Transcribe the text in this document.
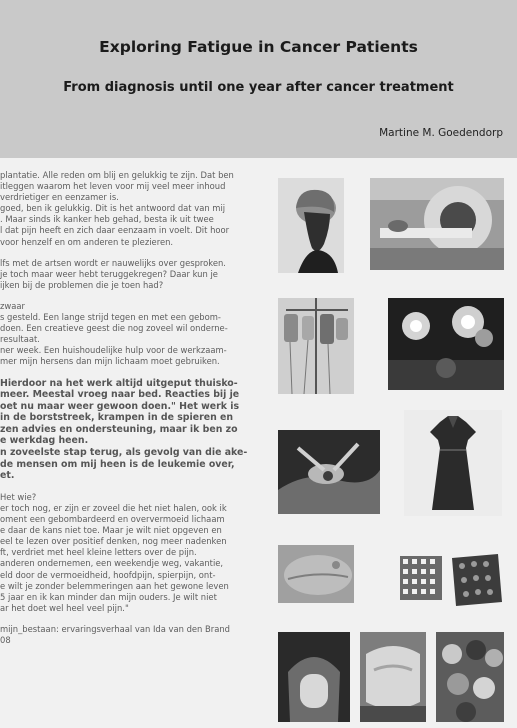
Exploring Fatigue in Cancer Patients
From diagnosis until one year after cancer treatment

Martine M. Goedendorp

plantatie. Alle reden om blij en gelukkig te zijn. Dat ben
itleggen waarom het leven voor mij veel meer inhoud
verdrietiger en eenzamer is.
goed, ben ik gelukkig. Dit is het antwoord dat van mij
. Maar sinds ik kanker heb gehad, besta ik uit twee
l dat pijn heeft en zich daar eenzaam in voelt. Dit hoor
voor henzelf en om anderen te plezieren.
lfs met de artsen wordt er nauwelijks over gesproken.
je toch maar weer hebt teruggekregen? Daar kun je
ijken bij de problemen die je toen had?
zwaar
s gesteld. Een lange strijd tegen en met een gebom-
doen. Een creatieve geest die nog zoveel wil onderne-
resultaat.
ner week. Een huishoudelijke hulp voor de werkzaam-
mer mijn hersens dan mijn lichaam moet gebruiken.
Hierdoor na het werk altijd uitgeput thuisko-
meer. Meestal vroeg naar bed. Reacties bij je
oet nu maar weer gewoon doen." Het werk is
in de borststreek, krampen in de spieren en
zen advies en ondersteuning, maar ik ben zo
e werkdag heen.
n zoveelste stap terug, als gevolg van die ake-
de mensen om mij heen is de leukemie over,
et.
Het wie?
er toch nog, er zijn er zoveel die het niet halen, ook ik
oment een gebombardeerd en oververmoeid lichaam
e daar de kans niet toe. Maar je wilt niet opgeven en
eel te lezen over positief denken, nog meer nadenken
ft, verdriet met heel kleine letters over de pijn.
anderen ondernemen, een weekendje weg, vakantie,
eld door de vermoeidheid, hoofdpijn, spierpijn, ont-
e wilt je zonder belemmeringen aan het gewone leven
5 jaar en ik kan minder dan mijn ouders. Je wilt niet
ar het doet wel heel veel pijn."
mijn_bestaan: ervaringsverhaal van Ida van den Brand
08
